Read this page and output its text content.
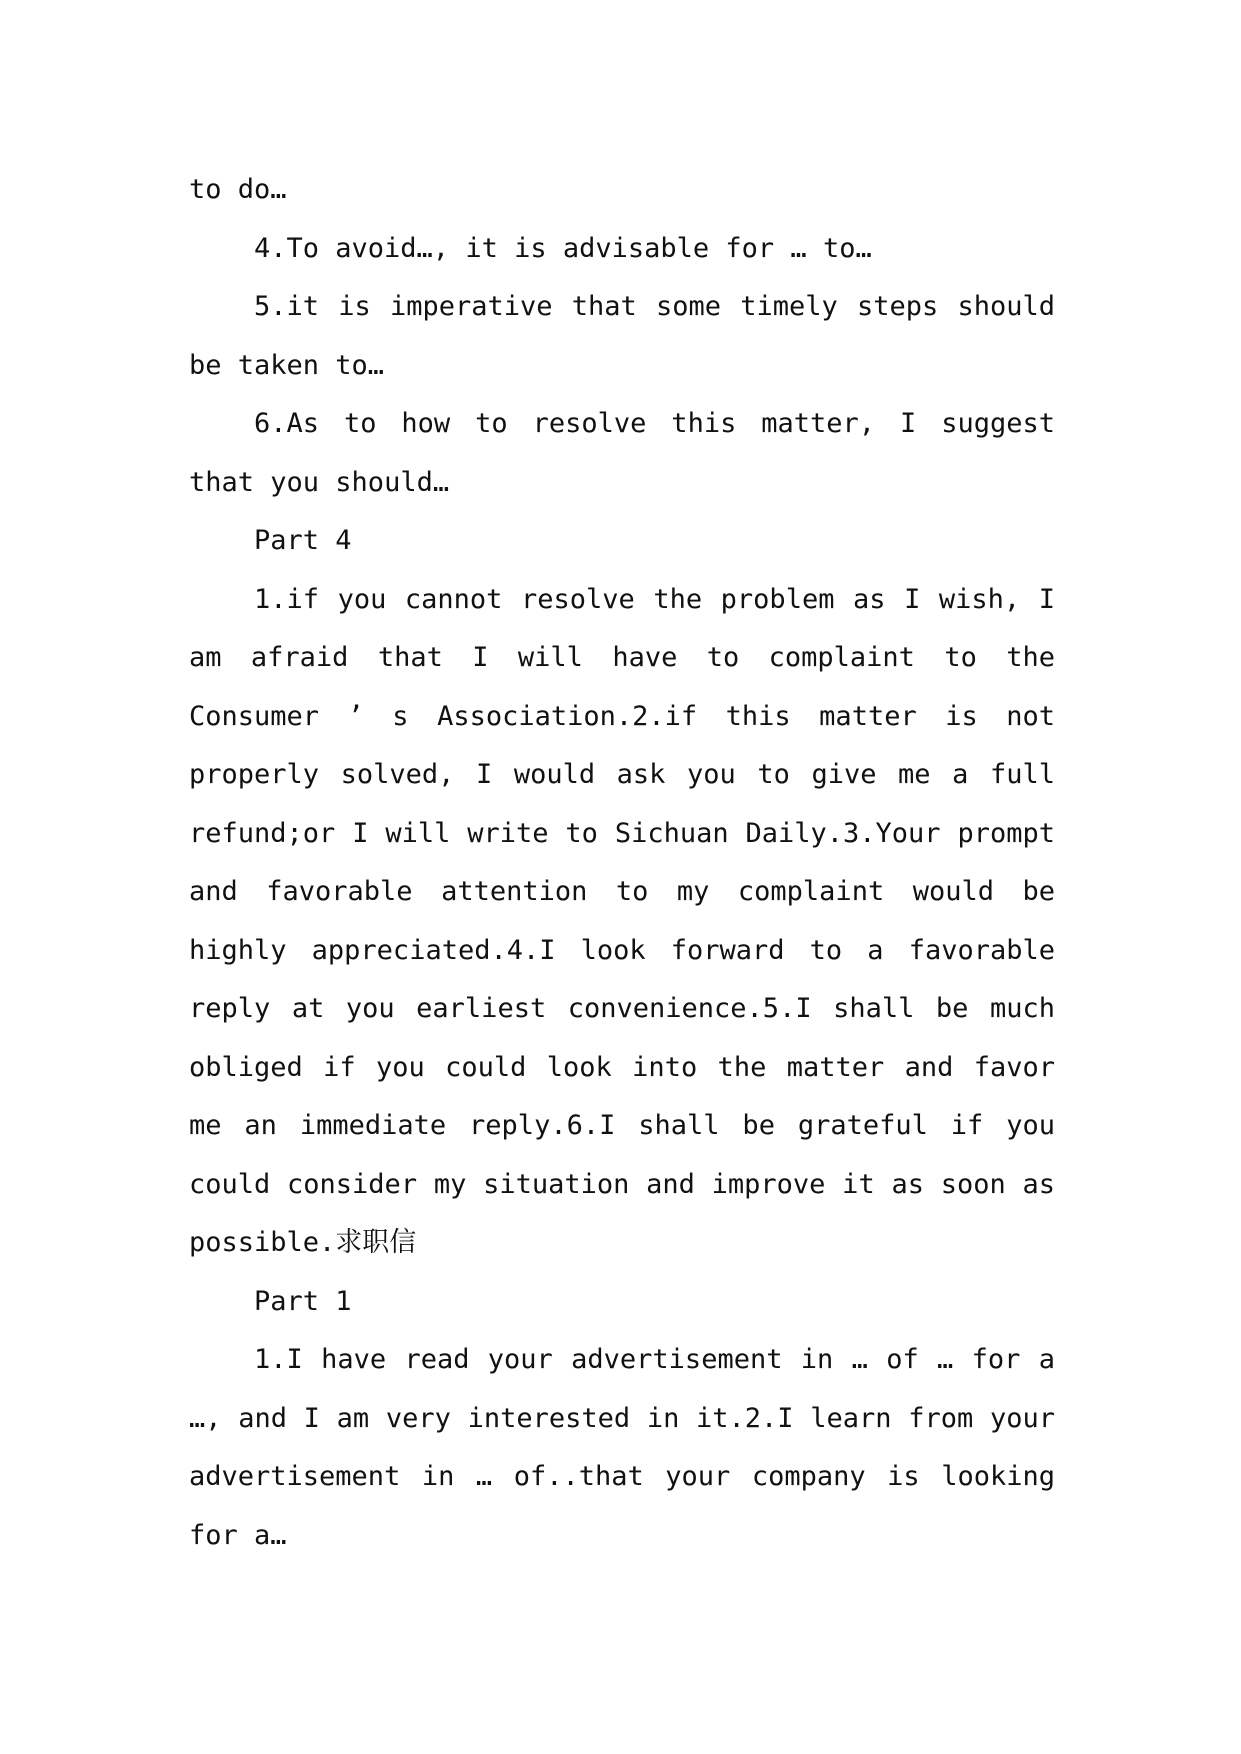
to do…

4.To avoid…, it is advisable for … to…

5.it is imperative that some timely steps should be taken to…

6.As to how to resolve this matter, I suggest that you should…

Part 4

1.if you cannot resolve the problem as I wish, I am afraid that I will have to complaint to the Consumer ’ s Association.2.if this matter is not properly solved, I would ask you to give me a full refund;or I will write to Sichuan Daily.3.Your prompt and favorable attention to my complaint would be highly appreciated.4.I look forward to a favorable reply at you earliest convenience.5.I shall be much obliged if you could look into the matter and favor me an immediate reply.6.I shall be grateful if you could consider my situation and improve it as soon as possible.求职信

Part 1

1.I have read your advertisement in … of … for a …, and I am very interested in it.2.I learn from your advertisement in … of..that your company is looking for a…
